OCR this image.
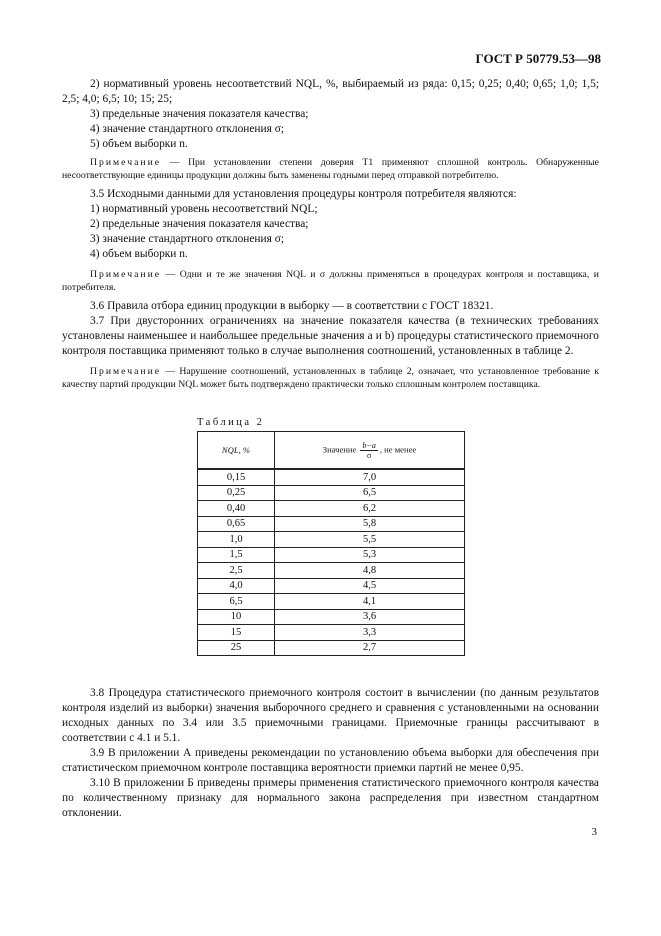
ГОСТ Р 50779.53—98

2) нормативный уровень несоответствий NQL, %, выбираемый из ряда: 0,15; 0,25; 0,40; 0,65; 1,0; 1,5; 2,5; 4,0; 6,5; 10; 15; 25;

3) предельные значения показателя качества;

4) значение стандартного отклонения σ;

5) объем выборки n.

Примечание — При установлении степени доверия Т1 применяют сплошной контроль. Обнаруженные несоответствующие единицы продукции должны быть заменены годными перед отправкой потребителю.

3.5 Исходными данными для установления процедуры контроля потребителя являются:

1) нормативный уровень несоответствий NQL;

2) предельные значения показателя качества;

3) значение стандартного отклонения σ;

4) объем выборки n.

Примечание — Одни и те же значения NQL и σ должны применяться в процедурах контроля и поставщика, и потребителя.

3.6 Правила отбора единиц продукции в выборку — в соответствии с ГОСТ 18321.

3.7 При двусторонних ограничениях на значение показателя качества (в технических требованиях установлены наименьшее и наибольшее предельные значения a и b) процедуры статистического приемочного контроля поставщика применяют только в случае выполнения соотношений, установленных в таблице 2.

Примечание — Нарушение соотношений, установленных в таблице 2, означает, что установленное требование к качеству партий продукции NQL может быть подтверждено практически только сплошным контролем поставщика.

Таблица 2
NQL, %	Значение $\frac{b-a}{\sigma}$ , не менее
0,15	7,0
0,25	6,5
0,40	6,2
0,65	5,8
1,0	5,5
1,5	5,3
2,5	4,8
4,0	4,5
6,5	4,1
10	3,6
15	3,3
25	2,7

3.8 Процедура статистического приемочного контроля состоит в вычислении (по данным результатов контроля изделий из выборки) значения выборочного среднего и сравнения с установленными на основании исходных данных по 3.4 или 3.5 приемочными границами. Приемочные границы рассчитывают в соответствии с 4.1 и 5.1.

3.9 В приложении А приведены рекомендации по установлению объема выборки для обеспечения при статистическом приемочном контроле поставщика вероятности приемки партий не менее 0,95.

3.10 В приложении Б приведены примеры применения статистического приемочного контроля качества по количественному признаку для нормального закона распределения при известном стандартном отклонении.

3
